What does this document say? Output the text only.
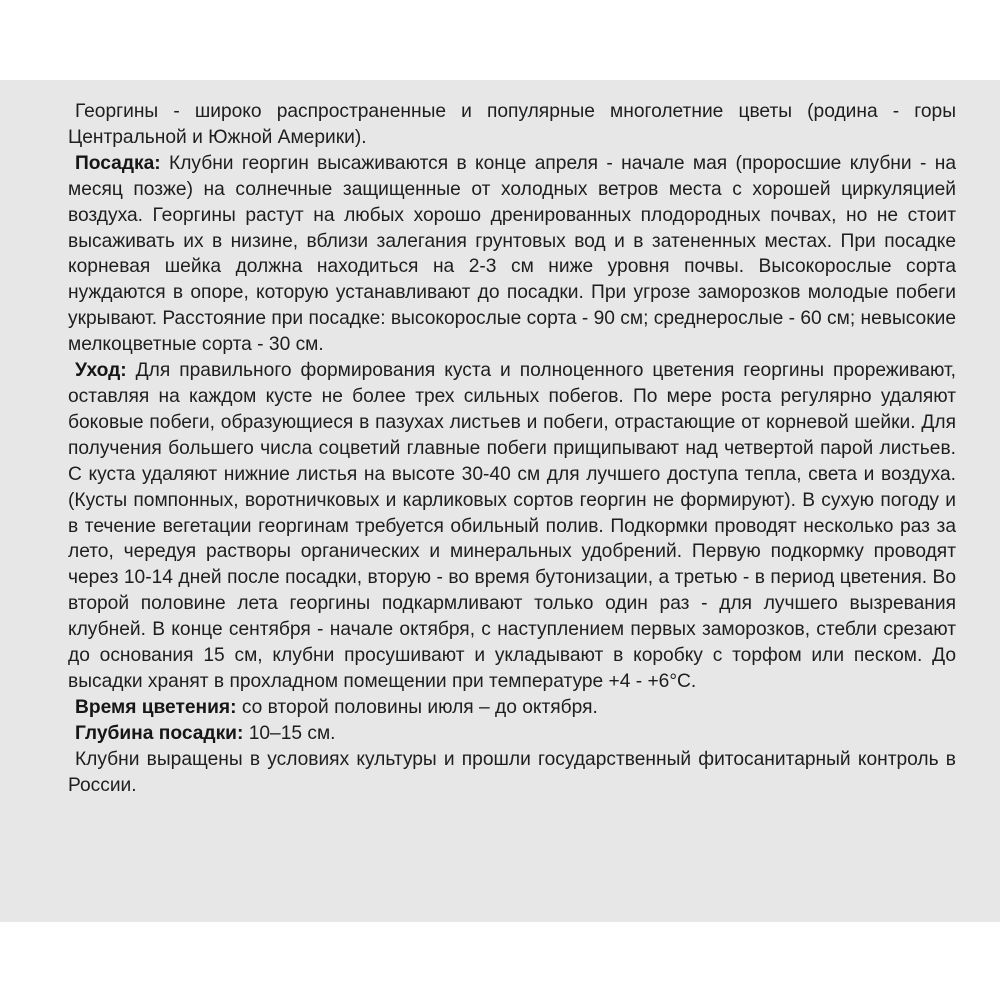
Георгины - широко распространенные и популярные многолетние цветы (родина - горы Центральной и Южной Америки).

Посадка: Клубни георгин высаживаются в конце апреля - начале мая (проросшие клубни - на месяц позже) на солнечные защищенные от холодных ветров места с хорошей циркуляцией воздуха. Георгины растут на любых хорошо дренированных плодородных почвах, но не стоит высаживать их в низине, вблизи залегания грунтовых вод и в затененных местах. При посадке корневая шейка должна находиться на 2-3 см ниже уровня почвы. Высокорослые сорта нуждаются в опоре, которую устанавливают до посадки. При угрозе заморозков молодые побеги укрывают. Расстояние при посадке: высокорослые сорта - 90 см; среднерослые - 60 см; невысокие мелкоцветные сорта - 30 см.

Уход: Для правильного формирования куста и полноценного цветения георгины прореживают, оставляя на каждом кусте не более трех сильных побегов. По мере роста регулярно удаляют боковые побеги, образующиеся в пазухах листьев и побеги, отрастающие от корневой шейки. Для получения большего числа соцветий главные побеги прищипывают над четвертой парой листьев. С куста удаляют нижние листья на высоте 30-40 см для лучшего доступа тепла, света и воздуха. (Кусты помпонных, воротничковых и карликовых сортов георгин не формируют). В сухую погоду и в течение вегетации георгинам требуется обильный полив. Подкормки проводят несколько раз за лето, чередуя растворы органических и минеральных удобрений. Первую подкормку проводят через 10-14 дней после посадки, вторую - во время бутонизации, а третью - в период цветения. Во второй половине лета георгины подкармливают только один раз - для лучшего вызревания клубней. В конце сентября - начале октября, с наступлением первых заморозков, стебли срезают до основания 15 см, клубни просушивают и укладывают в коробку с торфом или песком. До высадки хранят в прохладном помещении при температуре +4 - +6°C.

Время цветения: со второй половины июля – до октября.

Глубина посадки: 10–15 см.

Клубни выращены в условиях культуры и прошли государственный фитосанитарный контроль в России.
